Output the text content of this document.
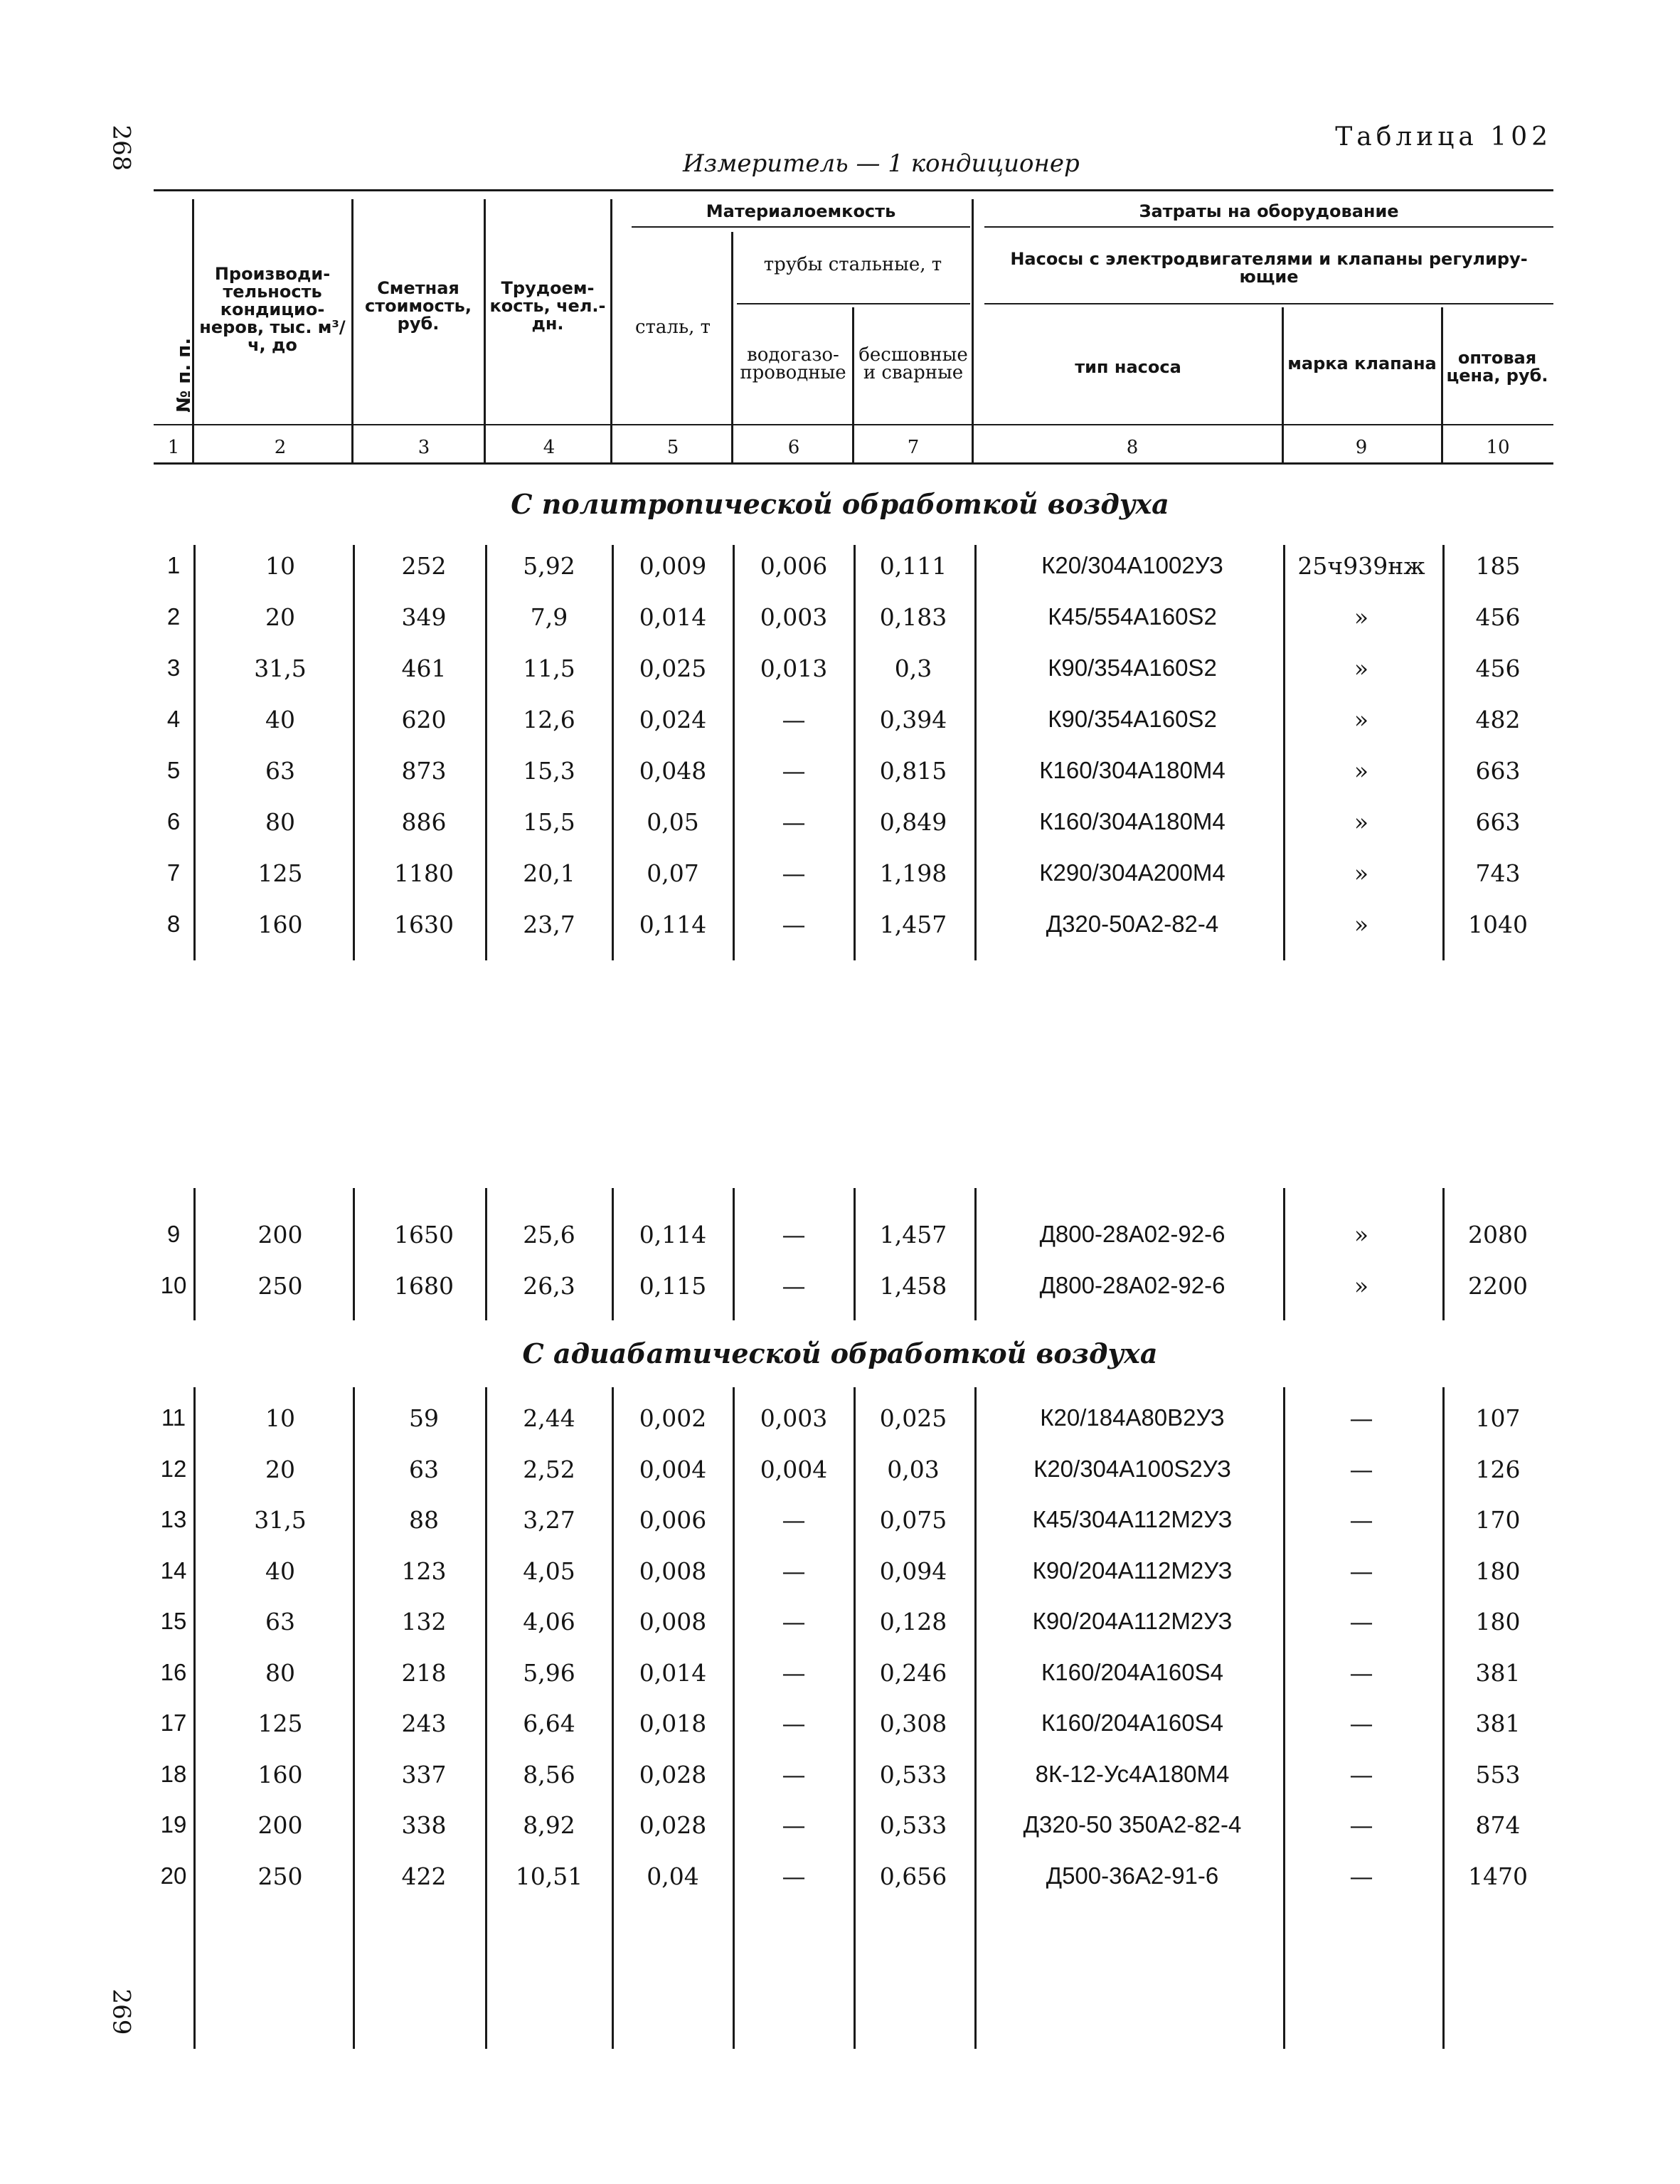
268
269
Таблица 102
Измеритель — 1 кондиционер
№ п. п.
Производи-тельность кондицио-неров, тыс. м³/ч, до
Сметная стоимость, руб.
Трудоем-кость, чел.-дн.
Материалоемкость
сталь, т
трубы стальные, т
водогазо-проводные
бесшовные и сварные
Затраты на оборудование
Насосы с электродвигателями и клапаны регулиру-ющие
тип насоса	марка клапана	оптовая цена, руб.
1	2	3	4	5	6	7	8	9	10
С политропической обработкой воздуха
С адиабатической обработкой воздуха
1	10	252	5,92	0,009	0,006	0,111	К20/304А1002УЗ	25ч939нж	185
2	20	349	7,9	0,014	0,003	0,183	К45/554А160S2	»	456
3	31,5	461	11,5	0,025	0,013	0,3	К90/354А160S2	»	456
4	40	620	12,6	0,024	—	0,394	К90/354А160S2	»	482
5	63	873	15,3	0,048	—	0,815	К160/304А180М4	»	663
6	80	886	15,5	0,05	—	0,849	К160/304А180М4	»	663
7	125	1180	20,1	0,07	—	1,198	К290/304А200М4	»	743
8	160	1630	23,7	0,114	—	1,457	Д320-50А2-82-4	»	1040
9	200	1650	25,6	0,114	—	1,457	Д800-28А02-92-6	»	2080
10	250	1680	26,3	0,115	—	1,458	Д800-28А02-92-6	»	2200
11	10	59	2,44	0,002	0,003	0,025	К20/184А80В2УЗ	—	107
12	20	63	2,52	0,004	0,004	0,03	К20/304А100S2УЗ	—	126
13	31,5	88	3,27	0,006	—	0,075	К45/304А112М2УЗ	—	170
14	40	123	4,05	0,008	—	0,094	К90/204А112М2УЗ	—	180
15	63	132	4,06	0,008	—	0,128	К90/204А112М2УЗ	—	180
16	80	218	5,96	0,014	—	0,246	К160/204А160S4	—	381
17	125	243	6,64	0,018	—	0,308	К160/204А160S4	—	381
18	160	337	8,56	0,028	—	0,533	8К-12-Ус4А180М4	—	553
19	200	338	8,92	0,028	—	0,533	Д320-50 350А2-82-4	—	874
20	250	422	10,51	0,04	—	0,656	Д500-36А2-91-6	—	1470
